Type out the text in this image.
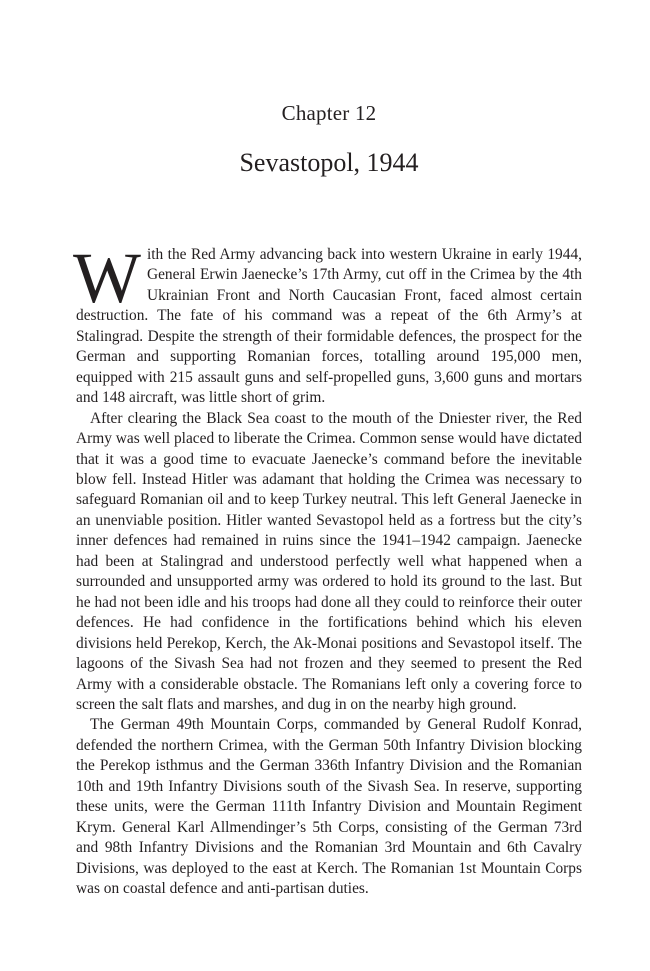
Chapter 12
Sevastopol, 1944

With the Red Army advancing back into western Ukraine in early 1944, General Erwin Jaenecke’s 17th Army, cut off in the Crimea by the 4th Ukrainian Front and North Caucasian Front, faced almost certain destruction. The fate of his command was a repeat of the 6th Army’s at Stalingrad. Despite the strength of their formidable defences, the prospect for the German and supporting Romanian forces, totalling around 195,000 men, equipped with 215 assault guns and self-propelled guns, 3,600 guns and mortars and 148 aircraft, was little short of grim.

After clearing the Black Sea coast to the mouth of the Dniester river, the Red Army was well placed to liberate the Crimea. Common sense would have dictated that it was a good time to evacuate Jaenecke’s command before the inevitable blow fell. Instead Hitler was adamant that holding the Crimea was necessary to safeguard Romanian oil and to keep Turkey neutral. This left General Jaenecke in an unenviable position. Hitler wanted Sevastopol held as a fortress but the city’s inner defences had remained in ruins since the 1941–1942 campaign. Jaenecke had been at Stalingrad and understood perfectly well what happened when a surrounded and unsupported army was ordered to hold its ground to the last. But he had not been idle and his troops had done all they could to reinforce their outer defences. He had confidence in the fortifications behind which his eleven divisions held Perekop, Kerch, the Ak-Monai positions and Sevastopol itself. The lagoons of the Sivash Sea had not frozen and they seemed to present the Red Army with a considerable obstacle. The Romanians left only a covering force to screen the salt flats and marshes, and dug in on the nearby high ground.

The German 49th Mountain Corps, commanded by General Rudolf Konrad, defended the northern Crimea, with the German 50th Infantry Division blocking the Perekop isthmus and the German 336th Infantry Division and the Romanian 10th and 19th Infantry Divisions south of the Sivash Sea. In reserve, supporting these units, were the German 111th Infantry Division and Mountain Regiment Krym. General Karl Allmendinger’s 5th Corps, consisting of the German 73rd and 98th Infantry Divisions and the Romanian 3rd Mountain and 6th Cavalry Divisions, was deployed to the east at Kerch. The Romanian 1st Mountain Corps was on coastal defence and anti-partisan duties.
